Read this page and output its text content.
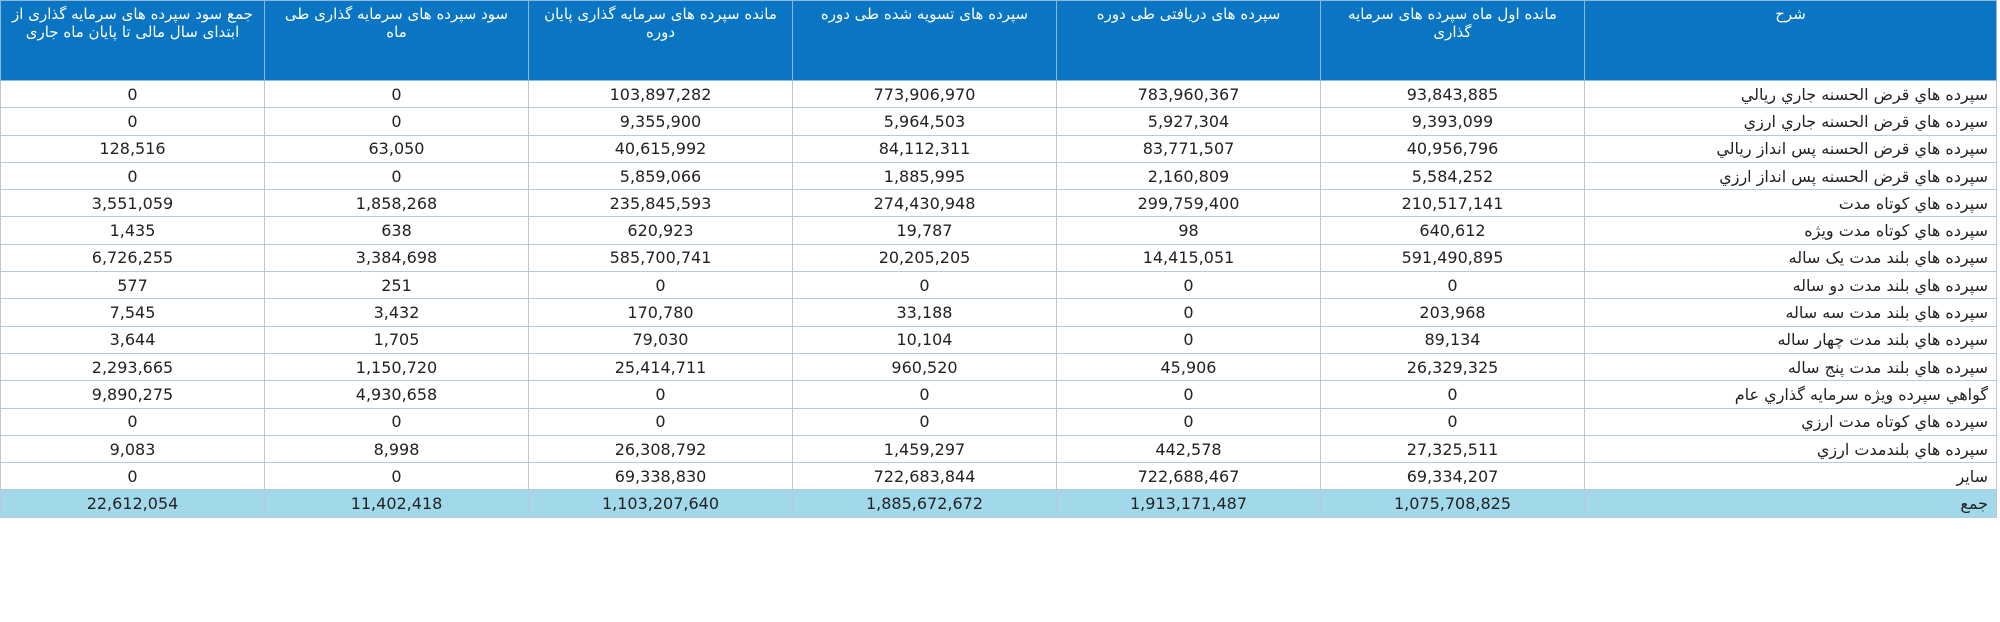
شرح	مانده اول ماه سپرده های سرمایه گذاری	سپرده های دریافتی طی دوره	سپرده های تسویه شده طی دوره	مانده سپرده های سرمایه گذاری پایان دوره	سود سپرده های سرمایه گذاری طی ماه	جمع سود سپرده های سرمایه گذاری از ابتدای سال مالی تا پایان ماه جاری
سپرده هاي قرض الحسنه جاري ريالي	93,843,885	783,960,367	773,906,970	103,897,282	0	0
سپرده هاي قرض الحسنه جاري ارزي	9,393,099	5,927,304	5,964,503	9,355,900	0	0
سپرده هاي قرض الحسنه پس انداز ريالي	40,956,796	83,771,507	84,112,311	40,615,992	63,050	128,516
سپرده هاي قرض الحسنه پس انداز ارزي	5,584,252	2,160,809	1,885,995	5,859,066	0	0
سپرده هاي كوتاه مدت	210,517,141	299,759,400	274,430,948	235,845,593	1,858,268	3,551,059
سپرده هاي كوتاه مدت ويژه	640,612	98	19,787	620,923	638	1,435
سپرده هاي بلند مدت يک ساله	591,490,895	14,415,051	20,205,205	585,700,741	3,384,698	6,726,255
سپرده هاي بلند مدت دو ساله	0	0	0	0	251	577
سپرده هاي بلند مدت سه ساله	203,968	0	33,188	170,780	3,432	7,545
سپرده هاي بلند مدت چهار ساله	89,134	0	10,104	79,030	1,705	3,644
سپرده هاي بلند مدت پنج ساله	26,329,325	45,906	960,520	25,414,711	1,150,720	2,293,665
گواهي سپرده ويژه سرمايه گذاري عام	0	0	0	0	4,930,658	9,890,275
سپرده هاي كوتاه مدت ارزي	0	0	0	0	0	0
سپرده هاي بلندمدت ارزي	27,325,511	442,578	1,459,297	26,308,792	8,998	9,083
ساير	69,334,207	722,688,467	722,683,844	69,338,830	0	0
جمع	1,075,708,825	1,913,171,487	1,885,672,672	1,103,207,640	11,402,418	22,612,054
